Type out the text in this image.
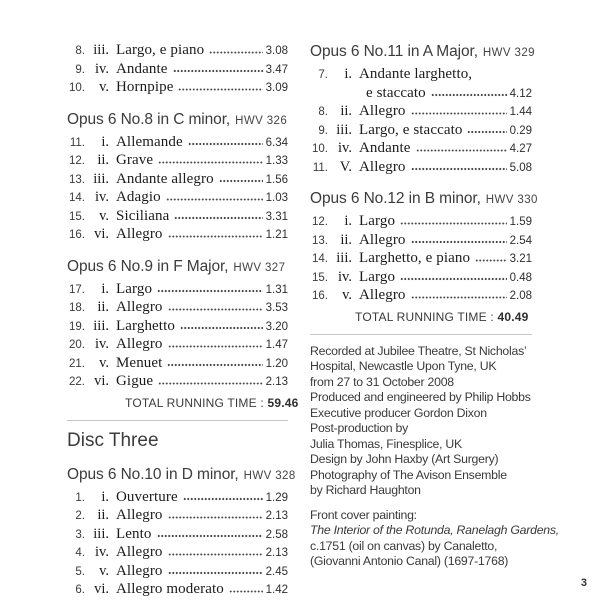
8. iii. Largo, e piano	3.08
9. iv. Andante	3.47
10. v. Hornpipe	3.09
Opus 6 No.8 in C minor, HWV 326
11.	i. Allemande	6.34
12. ii. Grave	1.33
13. iii. Andante allegro	1.56
14. iv. Adagio	1.03
15. v. Siciliana	3.31
16. vi. Allegro	1.21
Opus 6 No.9 in F Major, HWV 327
17.	i. Largo	1.31
18. ii. Allegro	3.53
19. iii. Larghetto	3.20
20. iv. Allegro	1.47
21. v. Menuet	1.20
22. vi. Gigue	2.13
TOTAL RUNNING TIME : 59.46
Disc Three
Opus 6 No.10 in D minor, HWV 328
1.	i. Ouverture	1.29
2. ii. Allegro	2.13
3. iii. Lento	2.58
4. iv. Allegro	2.13
5. v. Allegro	2.45
6. vi. Allegro moderato	1.42
Opus 6 No.11 in A Major, HWV 329
7.	i. Andante larghetto,
e staccato	4.12
8. ii. Allegro	1.44
9. iii. Largo, e staccato	0.29
10. iv. Andante	4.27
11. V. Allegro	5.08
Opus 6 No.12 in B minor, HWV 330
12.	i. Largo	1.59
13. ii. Allegro	2.54
14. iii. Larghetto, e piano	3.21
15. iv. Largo	0.48
16. v. Allegro	2.08
TOTAL RUNNING TIME : 40.49
Recorded at Jubilee Theatre, St Nicholas’
Hospital, Newcastle Upon Tyne, UK
from 27 to 31 October 2008
Produced and engineered by Philip Hobbs
Executive producer Gordon Dixon
Post-production by
Julia Thomas, Finesplice, UK
Design by John Haxby (Art Surgery)
Photography of The Avison Ensemble
by Richard Haughton
Front cover painting:
The Interior of the Rotunda, Ranelagh Gardens,
c.1751 (oil on canvas) by Canaletto,
(Giovanni Antonio Canal) (1697-1768)
3
